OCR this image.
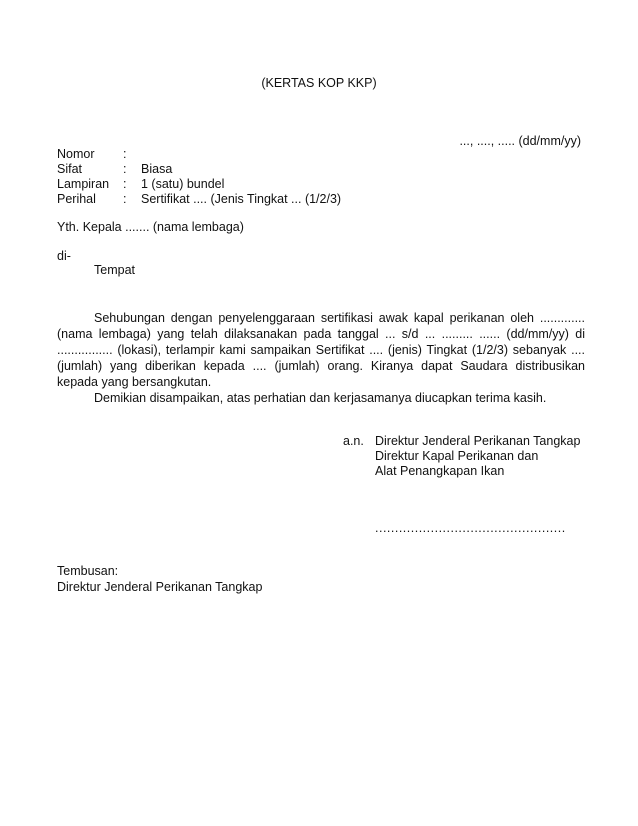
(KERTAS KOP KKP)
..., ...., ..... (dd/mm/yy)
Nomor :
Sifat	: Biasa
Lampiran : 1 (satu) bundel
Perihal : Sertifikat .... (Jenis Tingkat ... (1/2/3)
Yth. Kepala ....... (nama lembaga)
di-
Tempat
Sehubungan dengan penyelenggaraan sertifikasi awak kapal perikanan oleh ............. (nama lembaga) yang telah dilaksanakan pada tanggal ... s/d ... ......... ...... (dd/mm/yy) di ................ (lokasi), terlampir kami sampaikan Sertifikat .... (jenis) Tingkat (1/2/3) sebanyak .... (jumlah) yang diberikan kepada .... (jumlah) orang. Kiranya dapat Saudara distribusikan kepada yang bersangkutan.
Demikian disampaikan, atas perhatian dan kerjasamanya diucapkan terima kasih.
a.n. Direktur Jenderal Perikanan Tangkap
Direktur Kapal Perikanan dan
Alat Penangkapan Ikan
................................................
Tembusan:
Direktur Jenderal Perikanan Tangkap
